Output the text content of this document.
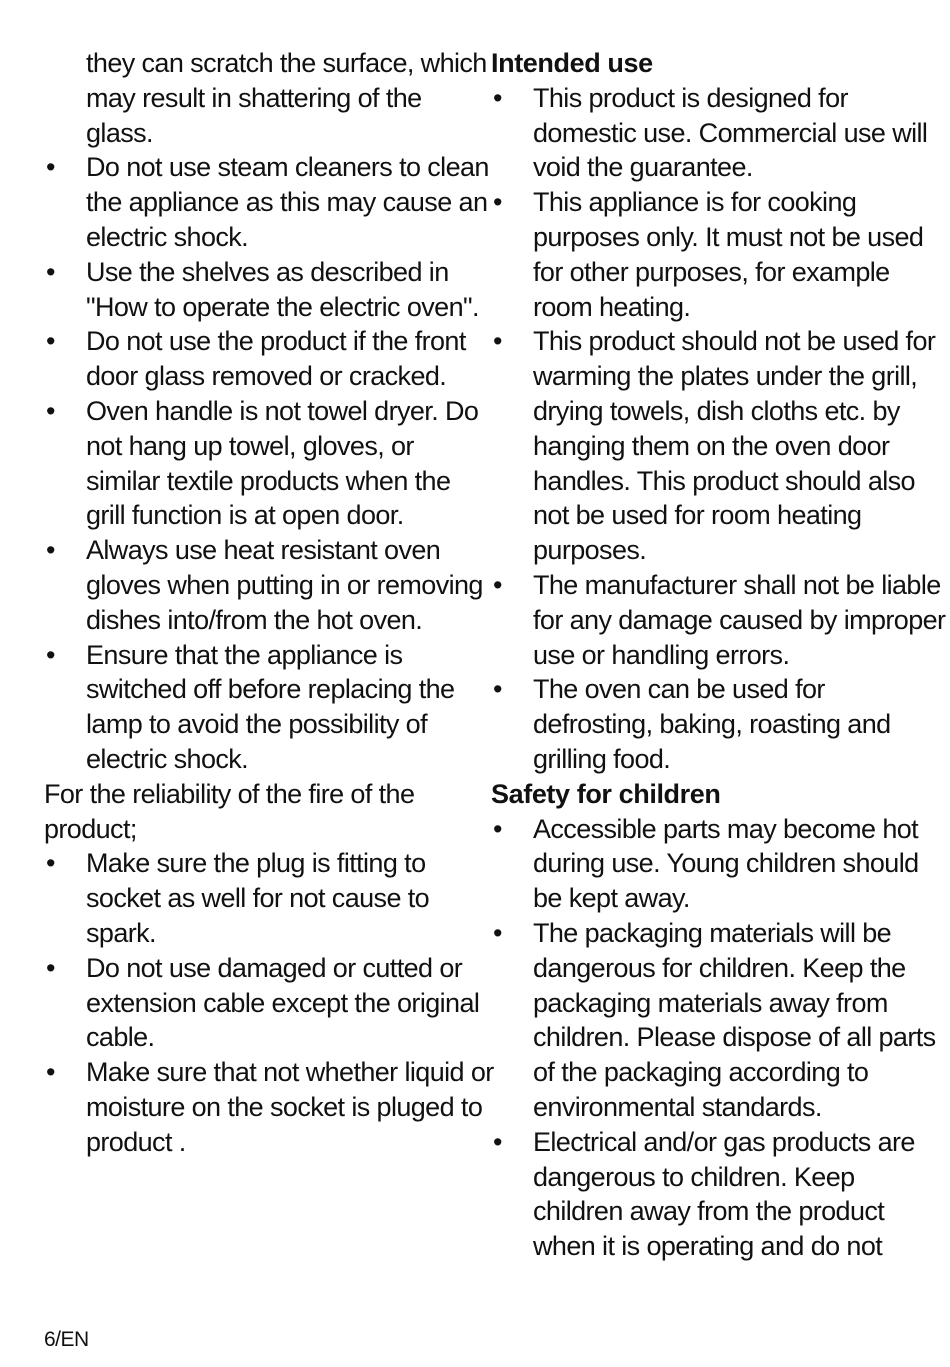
they can scratch the surface, which may result in shattering of the glass.
•	Do not use steam cleaners to clean the appliance as this may cause an electric shock.
•	Use the shelves as described in "How to operate the electric oven".
•	Do not use the product if the front door glass removed or cracked.
•	Oven handle is not towel dryer. Do not hang up towel, gloves, or similar textile products when the grill function is at open door.
•	Always use heat resistant oven gloves when putting in or removing dishes into/from the hot oven.
•	Ensure that the appliance is switched off before replacing the lamp to avoid the possibility of electric shock.

For the reliability of the fire of the product;

•	Make sure the plug is fitting to socket as well for not cause to spark.
•	Do not use damaged or cutted or extension cable except the original cable.
•	Make sure that not whether liquid or moisture on the socket is pluged to product .
Intended use
•	This product is designed for domestic use. Commercial use will void the guarantee.
•	This appliance is for cooking purposes only. It must not be used for other purposes, for example room heating.
•	This product should not be used for warming the plates under the grill, drying towels, dish cloths etc. by hanging them on the oven door handles. This product should also not be used for room heating purposes.
•	The manufacturer shall not be liable for any damage caused by improper use or handling errors.
•	The oven can be used for defrosting, baking, roasting and grilling food.
Safety for children
•	Accessible parts may become hot during use. Young children should be kept away.
•	The packaging materials will be dangerous for children. Keep the packaging materials away from children. Please dispose of all parts of the packaging according to environmental standards.
•	Electrical and/or gas products are dangerous to children. Keep children away from the product when it is operating and do not
6/EN
